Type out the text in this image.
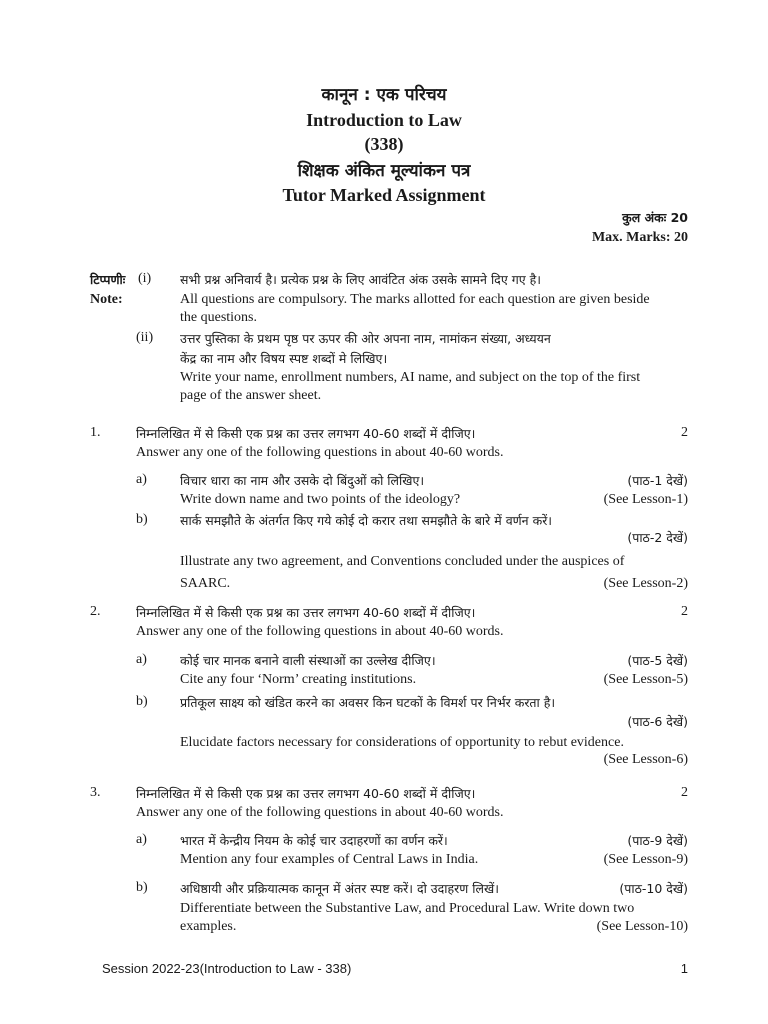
कानून : एक परिचय
Introduction to Law
(338)
शिक्षक अंकित मूल्यांकन पत्र
Tutor Marked Assignment
कुल अंकः 20
Max. Marks: 20
टिप्पणीः (i) सभी प्रश्न अनिवार्य है। प्रत्येक प्रश्न के लिए आवंटित अंक उसके सामने दिए गए है।
Note:	All questions are compulsory. The marks allotted for each question are given beside
the questions.
(ii) उत्तर पुस्तिका के प्रथम पृष्ठ पर ऊपर की ओर अपना नाम, नामांकन संख्या, अध्ययन
केंद्र का नाम और विषय स्पष्ट शब्दों मे लिखिए।
Write your name, enrollment numbers, AI name, and subject on the top of the first
page of the answer sheet.
1.	निम्नलिखित में से किसी एक प्रश्न का उत्तर लगभग 40-60 शब्दों में दीजिए।	2
Answer any one of the following questions in about 40-60 words.
a)	विचार धारा का नाम और उसके दो बिंदुओं को लिखिए।	(पाठ-1 देखें)
Write down name and two points of the ideology?	(See Lesson-1)
b)	सार्क समझौते के अंतर्गत किए गये कोई दो करार तथा समझौते के बारे में वर्णन करें।
(पाठ-2 देखें)
Illustrate any two agreement, and Conventions concluded under the auspices of
SAARC.	(See Lesson-2)
2.	निम्नलिखित में से किसी एक प्रश्न का उत्तर लगभग 40-60 शब्दों में दीजिए।	2
Answer any one of the following questions in about 40-60 words.
a)	कोई चार मानक बनाने वाली संस्थाओं का उल्लेख दीजिए।	(पाठ-5 देखें)
Cite any four ‘Norm’ creating institutions.	(See Lesson-5)
b)	प्रतिकूल साक्ष्य को खंडित करने का अवसर किन घटकों के विमर्श पर निर्भर करता है।
(पाठ-6 देखें)
Elucidate factors necessary for considerations of opportunity to rebut evidence.
(See Lesson-6)
3.	निम्नलिखित में से किसी एक प्रश्न का उत्तर लगभग 40-60 शब्दों में दीजिए।	2
Answer any one of the following questions in about 40-60 words.
a)	भारत में केन्द्रीय नियम के कोई चार उदाहरणों का वर्णन करें।	(पाठ-9 देखें)
Mention any four examples of Central Laws in India.	(See Lesson-9)
b)	अधिष्ठायी और प्रक्रियात्मक कानून में अंतर स्पष्ट करें। दो उदाहरण लिखें।	(पाठ-10 देखें)
Differentiate between the Substantive Law, and Procedural Law. Write down two
examples.	(See Lesson-10)
Session 2022-23(Introduction to Law - 338)	1
